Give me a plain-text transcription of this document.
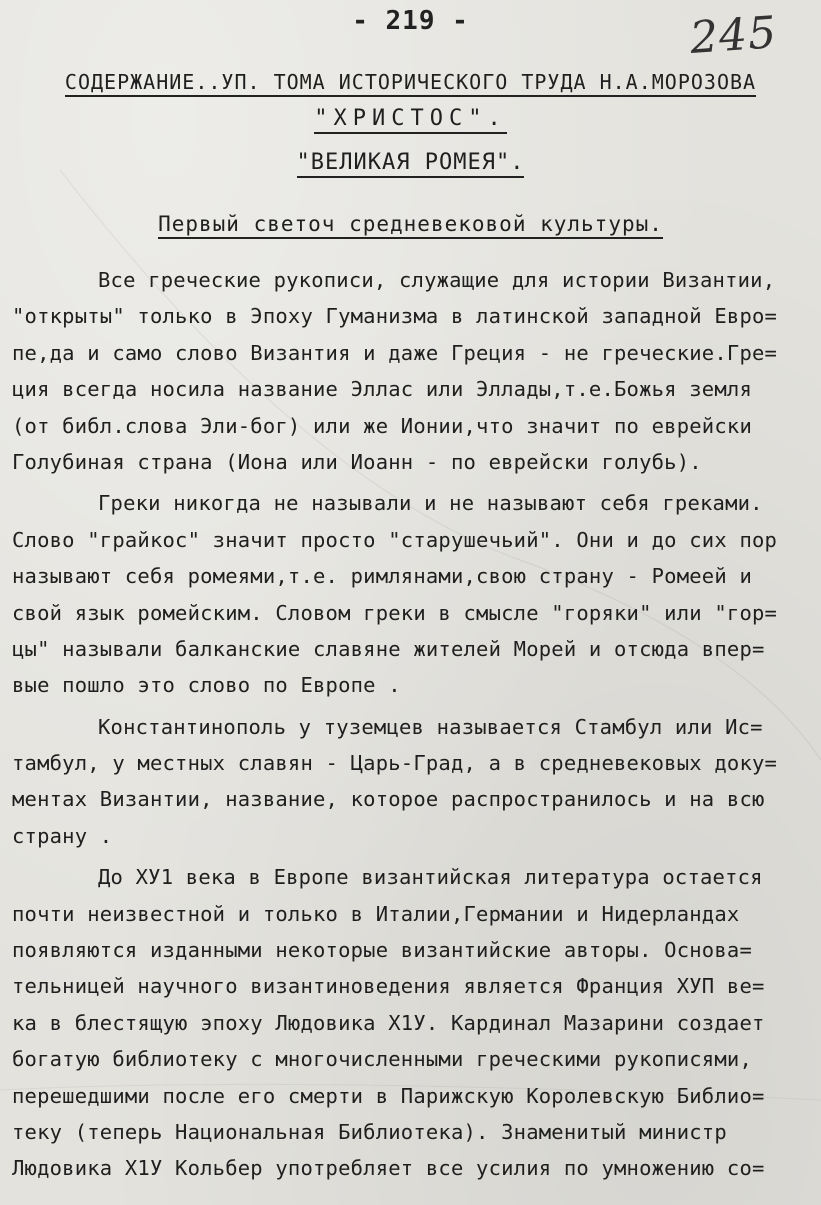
- 219 -	245
СОДЕРЖАНИЕ..УП. ТОМА ИСТОРИЧЕСКОГО ТРУДА Н.А.МОРОЗОВА
"ХРИСТОС".
"ВЕЛИКАЯ РОМЕЯ".
Первый светоч средневековой культуры.
Все греческие рукописи, служащие для истории Византии,
"открыты" только в Эпоху Гуманизма в латинской западной Евро=
пе,да и само слово Византия и даже Греция - не греческие.Гре=
ция всегда носила название Эллас или Эллады,т.е.Божья земля
(от библ.слова Эли-бог) или же Ионии,что значит по еврейски
Голубиная страна (Иона или Иоанн - по еврейски голубь).
Греки никогда не называли и не называют себя греками.
Слово "грайкос" значит просто "старушечьий". Они и до сих пор
называют себя ромеями,т.е. римлянами,свою страну - Ромеей и
свой язык ромейским. Словом греки в смысле "горяки" или "гор=
цы" называли балканские славяне жителей Морей и отсюда впер=
вые пошло это слово по Европе .
Константинополь у туземцев называется Стамбул или Ис=
тамбул, у местных славян - Царь-Град, а в средневековых доку=
ментах Византии, название, которое распространилось и на всю
страну .
До ХУ1 века в Европе византийская литература остается
почти неизвестной и только в Италии,Германии и Нидерландах
появляются изданными некоторые византийские авторы. Основа=
тельницей научного византиноведения является Франция ХУП ве=
ка в блестящую эпоху Людовика Х1У. Кардинал Мазарини создает
богатую библиотеку с многочисленными греческими рукописями,
перешедшими после его смерти в Парижскую Королевскую Библио=
теку (теперь Национальная Библиотека). Знаменитый министр
Людовика Х1У Кольбер употребляет все усилия по умножению со=
